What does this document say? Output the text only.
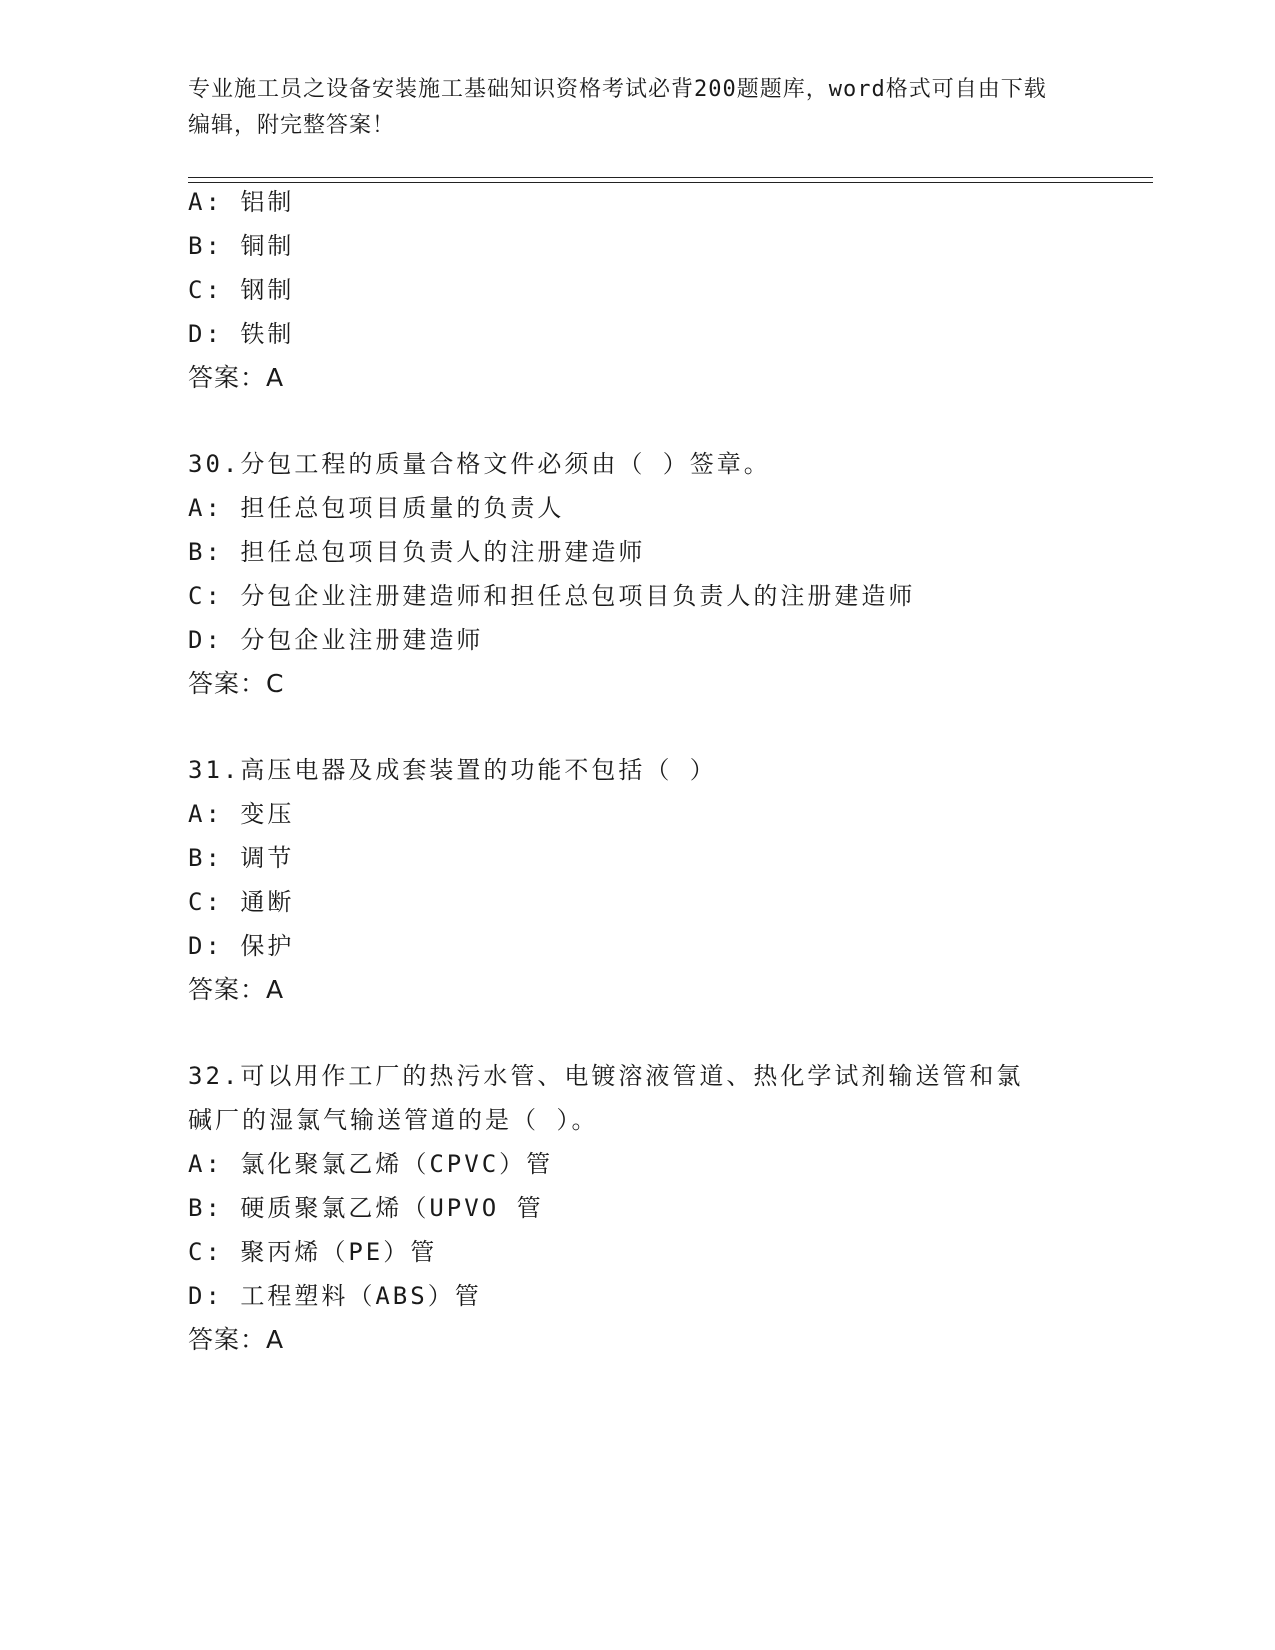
专业施工员之设备安装施工基础知识资格考试必背200题题库，word格式可自由下载编辑，附完整答案！
A: 铝制
B: 铜制
C: 钢制
D: 铁制
答案：A
30.分包工程的质量合格文件必须由（ ）签章。
A: 担任总包项目质量的负责人
B: 担任总包项目负责人的注册建造师
C: 分包企业注册建造师和担任总包项目负责人的注册建造师
D: 分包企业注册建造师
答案：C
31.高压电器及成套装置的功能不包括（ ）
A: 变压
B: 调节
C: 通断
D: 保护
答案：A
32.可以用作工厂的热污水管、电镀溶液管道、热化学试剂输送管和氯
碱厂的湿氯气输送管道的是（ ）。
A: 氯化聚氯乙烯（CPVC）管
B: 硬质聚氯乙烯（UPVO 管
C: 聚丙烯（PE）管
D: 工程塑料（ABS）管
答案：A
